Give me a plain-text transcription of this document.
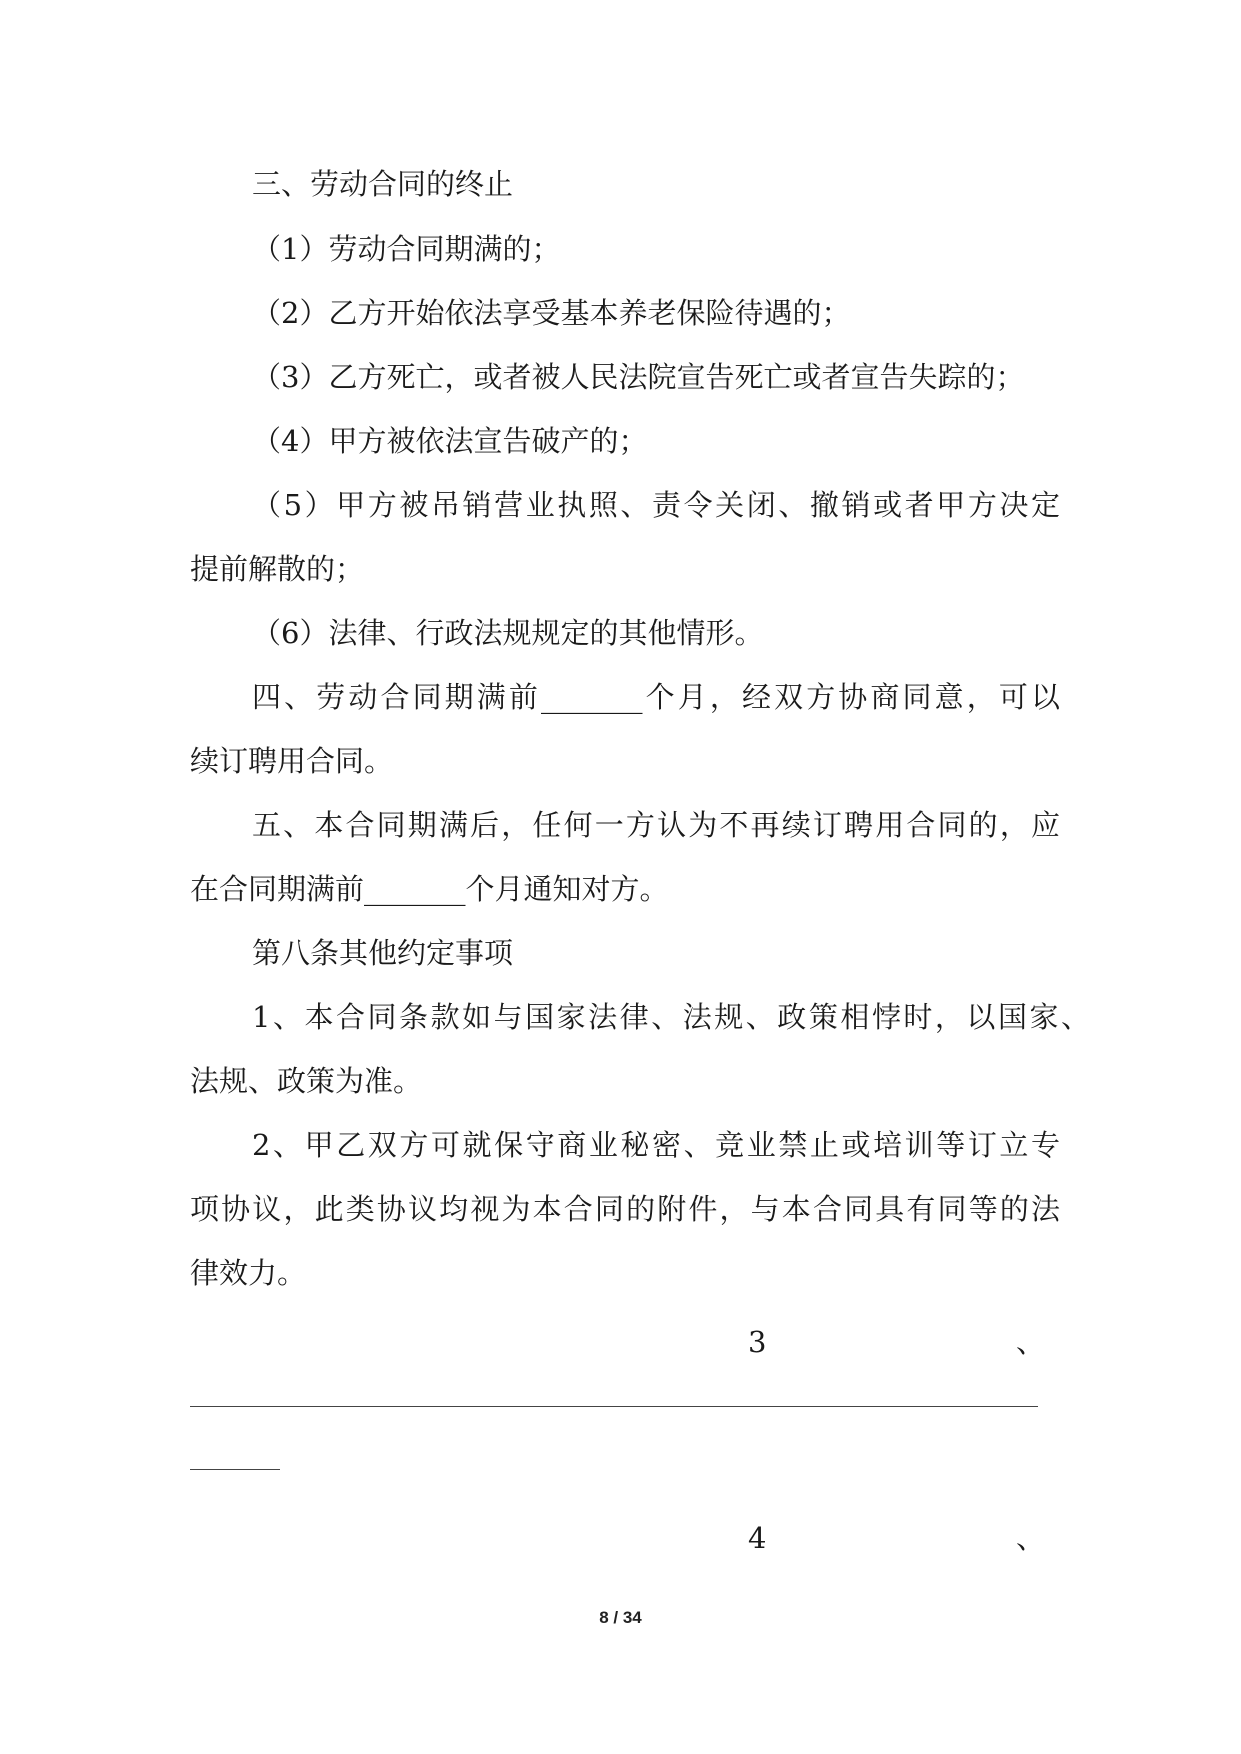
三、劳动合同的终止
（1）劳动合同期满的；
（2）乙方开始依法享受基本养老保险待遇的；
（3）乙方死亡，或者被人民法院宣告死亡或者宣告失踪的；
（4）甲方被依法宣告破产的；
（5）甲方被吊销营业执照、责令关闭、撤销或者甲方决定
提前解散的；
（6）法律、行政法规规定的其他情形。
四、劳动合同期满前_______个月，经双方协商同意，可以
续订聘用合同。
五、本合同期满后，任何一方认为不再续订聘用合同的，应
在合同期满前_______个月通知对方。
第八条其他约定事项
1、本合同条款如与国家法律、法规、政策相悖时，以国家、
法规、政策为准。
2、甲乙双方可就保守商业秘密、竞业禁止或培训等订立专
项协议，此类协议均视为本合同的附件，与本合同具有同等的法
律效力。
3	、
4	、
8 / 34
